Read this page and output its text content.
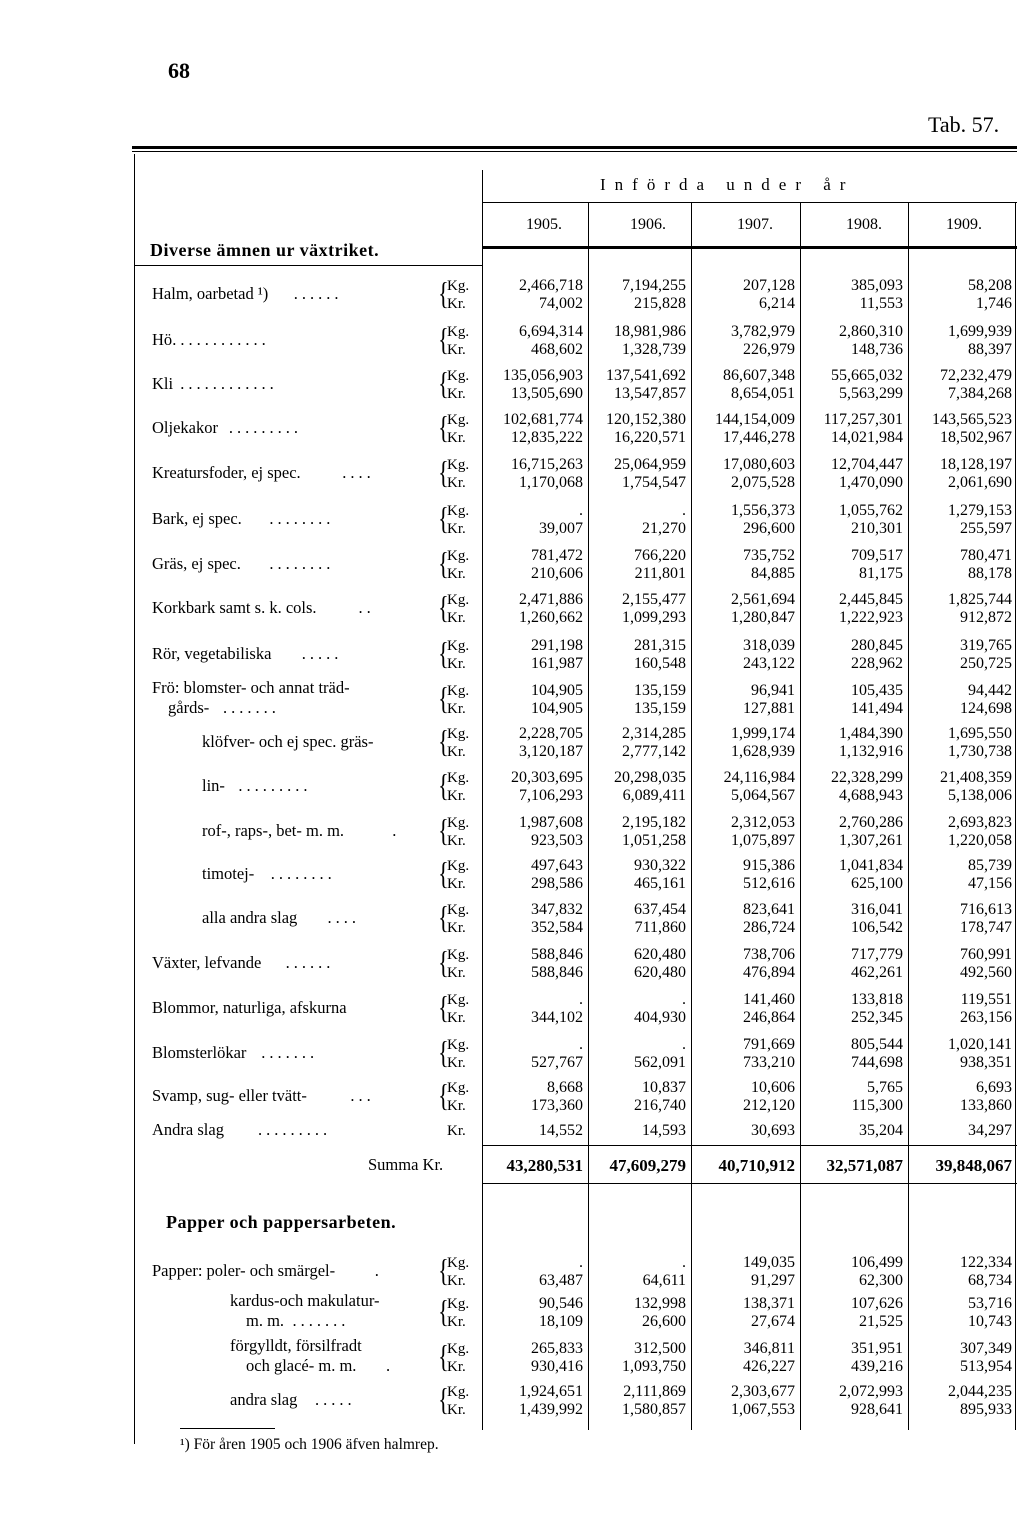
68
Tab. 57.
Införda under år
1905.	1906.	1907.	1908.	1909.
Diverse ämnen ur växtriket.
Halm, oarbetad ¹) ......	{
Kg.
Kr.
2,466,718	7,194,255	207,128	385,093	58,208
74,002	215,828	6,214	11,553	1,746
Hö ............	{
Kg.
Kr.
6,694,314	18,981,986	3,782,979	2,860,310	1,699,939
468,602	1,328,739	226,979	148,736	88,397
Kli ............	{
Kg.
Kr.
135,056,903	137,541,692	86,607,348	55,665,032	72,232,479
13,505,690	13,547,857	8,654,051	5,563,299	7,384,268
Oljekakor .........	{
Kg.
Kr.
102,681,774	120,152,380	144,154,009	117,257,301	143,565,523
12,835,222	16,220,571	17,446,278	14,021,984	18,502,967
Kreatursfoder, ej spec.	.... {
Kg.
Kr.
16,715,263	25,064,959	17,080,603	12,704,447	18,128,197
1,170,068	1,754,547	2,075,528	1,470,090	2,061,690
Bark, ej spec. ........	{
Kg.
Kr.
.	.	1,556,373	1,055,762	1,279,153
39,007	21,270	296,600	210,301	255,597
Gräs, ej spec. ........	{
Kg.
Kr.
781,472	766,220	735,752	709,517	780,471
210,606	211,801	84,885	81,175	88,178
Korkbark samt s. k. cols.	.. {
Kg.
Kr.
2,471,886	2,155,477	2,561,694	2,445,845	1,825,744
1,260,662	1,099,293	1,280,847	1,222,923	912,872
Rör, vegetabiliska .....	{
Kg.
Kr.
291,198	281,315	318,039	280,845	319,765
161,987	160,548	243,122	228,962	250,725
Frö: blomster- och annat träd-
gårds- .......	{
Kg.
Kr.
104,905	135,159	96,941	105,435	94,442
104,905	135,159	127,881	141,494	124,698
klöfver- och ej spec. gräs- {
Kg.
Kr.
2,228,705	2,314,285	1,999,174	1,484,390	1,695,550
3,120,187	2,777,142	1,628,939	1,132,916	1,730,738
lin- .........	{
Kg.
Kr.
20,303,695	20,298,035	24,116,984	22,328,299	21,408,359
7,106,293	6,089,411	5,064,567	4,688,943	5,138,006
rof-, raps-, bet- m. m.	. {
Kg.
Kr.
1,987,608	2,195,182	2,312,053	2,760,286	2,693,823
923,503	1,051,258	1,075,897	1,307,261	1,220,058
timotej- ........	{
Kg.
Kr.
497,643	930,322	915,386	1,041,834	85,739
298,586	465,161	512,616	625,100	47,156
alla andra slag .... {
Kg.
Kr.
347,832	637,454	823,641	316,041	716,613
352,584	711,860	286,724	106,542	178,747
Växter, lefvande ......	{
Kg.
Kr.
588,846	620,480	738,706	717,779	760,991
588,846	620,480	476,894	462,261	492,560
Blommor, naturliga, afskurna	{
Kg.
Kr.
.	.	141,460	133,818	119,551
344,102	404,930	246,864	252,345	263,156
Blomsterlökar .......	{
Kg.
Kr.
.	.	791,669	805,544	1,020,141
527,767	562,091	733,210	744,698	938,351
Svamp, sug- eller tvätt-	... {
Kg.
Kr.
8,668	10,837	10,606	5,765	6,693
173,360	216,740	212,120	115,300	133,860
Andra slag .........	Kr.	14,552	14,593	30,693	35,204	34,297
Summa Kr.	43,280,531	47,609,279	40,710,912	32,571,087	39,848,067
Papper och pappersarbeten.
Papper: poler- och smärgel- . {
Kg.
Kr.
.	.	149,035	106,499	122,334
63,487	64,611	91,297	62,300	68,734
kardus-och makulatur-
m. m. .......	{
Kg.
Kr.
90,546	132,998	138,371	107,626	53,716
18,109	26,600	27,674	21,525	10,743
förgylldt, försilfradt
och glacé- m. m. . {
Kg.
Kr.
265,833	312,500	346,811	351,951	307,349
930,416	1,093,750	426,227	439,216	513,954
andra slag .....	{
Kg.
Kr.
1,924,651	2,111,869	2,303,677	2,072,993	2,044,235
1,439,992	1,580,857	1,067,553	928,641	895,933
¹) För åren 1905 och 1906 äfven halmrep.
